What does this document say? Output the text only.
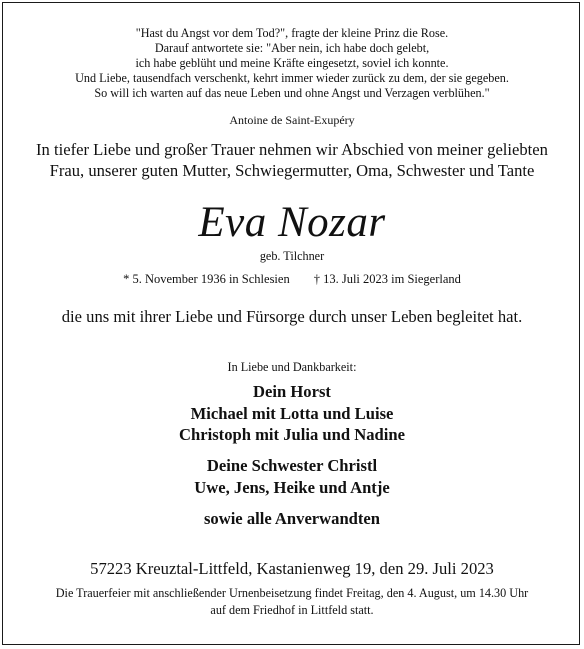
"Hast du Angst vor dem Tod?", fragte der kleine Prinz die Rose.
Darauf antwortete sie: "Aber nein, ich habe doch gelebt,
ich habe geblüht und meine Kräfte eingesetzt, soviel ich konnte.
Und Liebe, tausendfach verschenkt, kehrt immer wieder zurück zu dem, der sie gegeben.
So will ich warten auf das neue Leben und ohne Angst und Verzagen verblühen."
Antoine de Saint-Exupéry
In tiefer Liebe und großer Trauer nehmen wir Abschied von meiner geliebten
Frau, unserer guten Mutter, Schwiegermutter, Oma, Schwester und Tante
Eva Nozar
geb. Tilchner
* 5. November 1936 in Schlesien † 13. Juli 2023 im Siegerland
die uns mit ihrer Liebe und Fürsorge durch unser Leben begleitet hat.
In Liebe und Dankbarkeit:
Dein Horst
Michael mit Lotta und Luise
Christoph mit Julia und Nadine
Deine Schwester Christl
Uwe, Jens, Heike und Antje
sowie alle Anverwandten
57223 Kreuztal-Littfeld, Kastanienweg 19, den 29. Juli 2023
Die Trauerfeier mit anschließender Urnenbeisetzung findet Freitag, den 4. August, um 14.30 Uhr
auf dem Friedhof in Littfeld statt.
